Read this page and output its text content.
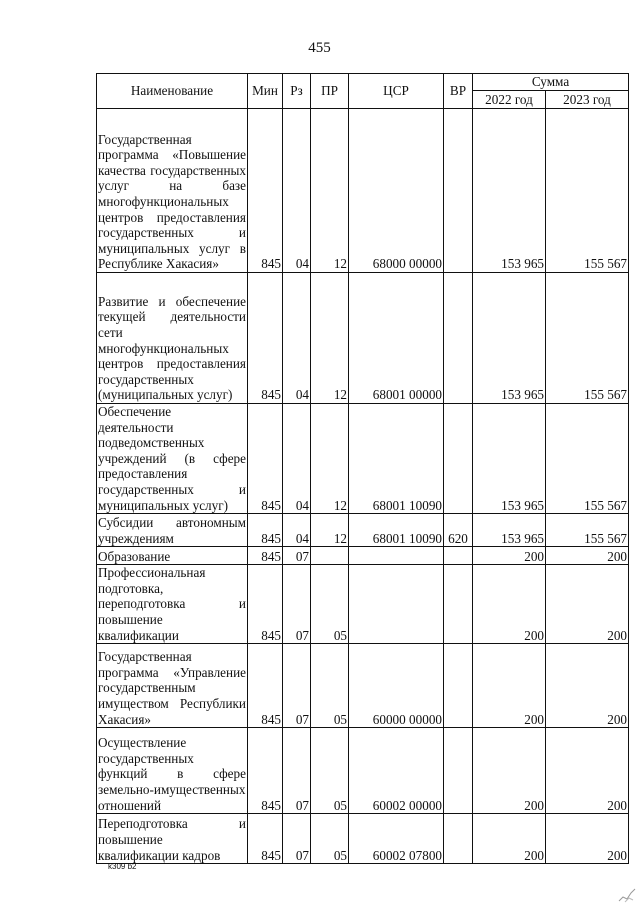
455
Наименование	Мин	Рз	ПР	ЦСР	ВР	Сумма	
						2022 год	2023 год

Государственная программа «Повышение качества государственных услуг на базе многофункциональных центров предоставления государственных и муниципальных услуг в Республике Хакасия»	845	04	12	68000 00000		153 965	155 567

Развитие и обеспечение текущей деятельности сети многофункциональных центров предоставления государственных (муниципальных услуг)	845	04	12	68001 00000		153 965	155 567

Обеспечение деятельности подведомственных учреждений (в сфере предоставления государственных и муниципальных услуг)	845	04	12	68001 10090		153 965	155 567

Субсидии автономным учреждениям	845	04	12	68001 10090	620	153 965	155 567

Образование	845	07				200	200

Профессиональная подготовка, переподготовка и повышение квалификации	845	07	05			200	200

Государственная программа «Управление государственным имуществом Республики Хакасия»	845	07	05	60000 00000		200	200

Осуществление государственных функций в сфере земельно-имущественных отношений	845	07	05	60002 00000		200	200

Переподготовка и повышение квалификации кадров	845	07	05	60002 07800		200	200
k309 b2
